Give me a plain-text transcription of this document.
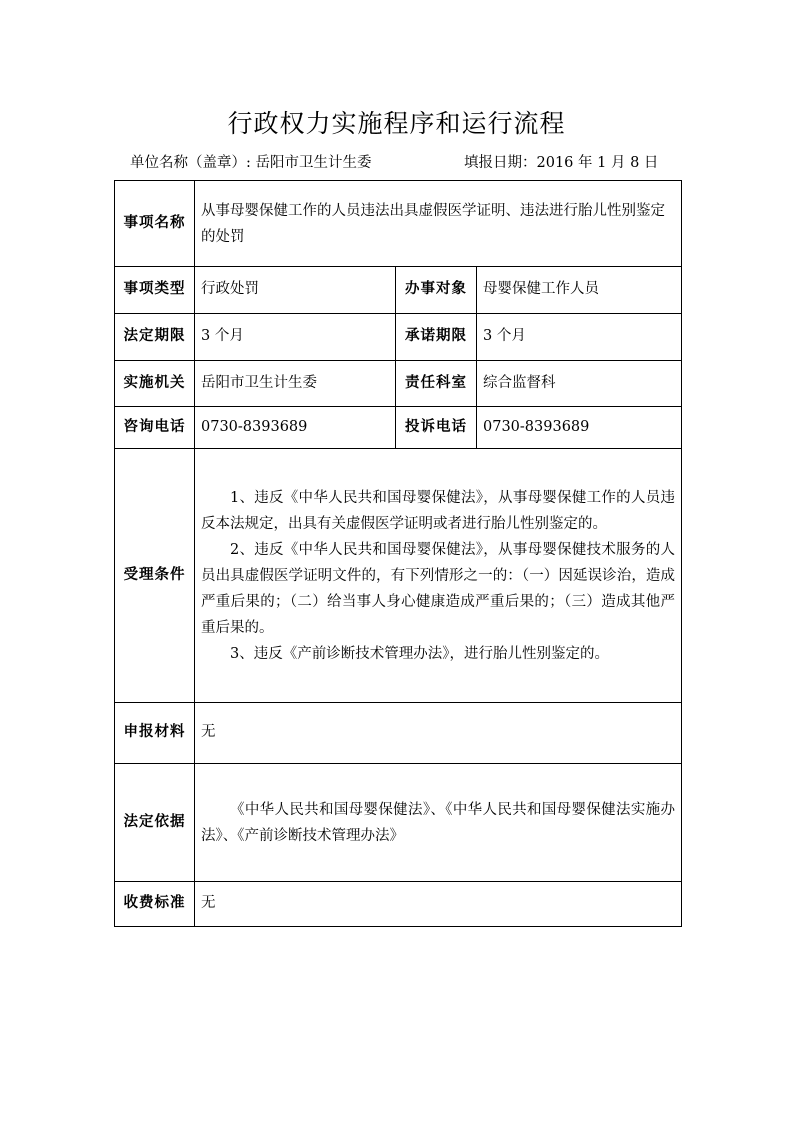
行政权力实施程序和运行流程
单位名称（盖章）: 岳阳市卫生计生委	填报日期：2016 年 1 月 8 日
事项名称	从事母婴保健工作的人员违法出具虚假医学证明、违法进行胎儿性别鉴定的处罚		

事项类型	行政处罚	办事对象	母婴保健工作人员
法定期限	3 个月	承诺期限	3 个月
实施机关	岳阳市卫生计生委	责任科室	综合监督科
咨询电话	0730-8393689	投诉电话	0730-8393689
受理条件	1、违反《中华人民共和国母婴保健法》，从事母婴保健工作的人员违反本法规定，出具有关虚假医学证明或者进行胎儿性别鉴定的。

2、违反《中华人民共和国母婴保健法》，从事母婴保健技术服务的人员出具虚假医学证明文件的，有下列情形之一的：（一）因延误诊治，造成严重后果的；（二）给当事人身心健康造成严重后果的；（三）造成其他严重后果的。

3、违反《产前诊断技术管理办法》，进行胎儿性别鉴定的。		

申报材料	无		
法定依据	《中华人民共和国母婴保健法》、《中华人民共和国母婴保健法实施办法》、《产前诊断技术管理办法》		

收费标准	无		
